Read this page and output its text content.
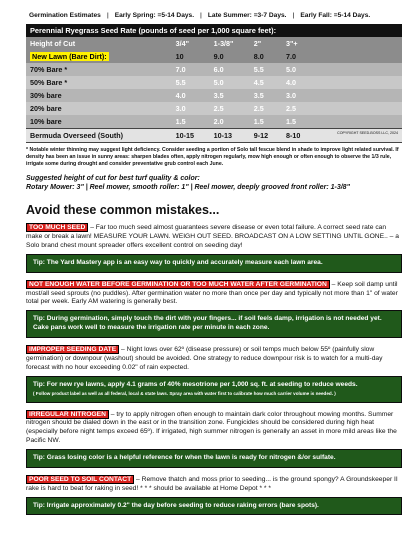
Germination Estimates | Early Spring: =5-14 Days. | Late Summer: =3-7 Days. | Early Fall: =5-14 Days.
Perennial Ryegrass Seed Rate (pounds of seed per 1,000 square feet):				
Height of Cut	3/4"	1-3/8"	2"	3"+
New Lawn (Bare Dirt):	10	9.0	8.0	7.0
70% Bare *	7.0	6.0	5.5	5.0
50% Bare *	5.5	5.0	4.5	4.0
30% bare	4.0	3.5	3.5	3.0
20% bare	3.0	2.5	2.5	2.5
10% bare	1.5	2.0	1.5	1.5
Bermuda Overseed (South)	10-15	10-13	9-12	8-10 COPYRIGHT SEED-BOSS LLC, 2024

* Notable winter thinning may suggest light deficiency. Consider seeding a portion of Solo tall fescue blend in shade to improve light related survival. If density has been an issue in sunny areas: sharpen blades often, apply nitrogen regularly, mow high enough or often enough to observe the 1/3 rule, irrigate some during drought and consider preventative grub control each June.

Suggested height of cut for best turf quality & color:
Rotary Mower: 3" | Reel mower, smooth roller: 1" | Reel mower, deeply grooved front roller: 1-3/8"
Avoid these common mistakes...

TOO MUCH SEED – Far too much seed almost guarantees severe disease or even total failure. A correct seed rate can make or break a lawn! MEASURE YOUR LAWN. WEIGH OUT SEED. BROADCAST ON A LOW SETTING UNTIL GONE.. – a Solo brand chest mount spreader offers excellent control on seeding day!

Tip: The Yard Mastery app is an easy way to quickly and accurately measure each lawn area.

NOT ENOUGH WATER BEFORE GERMINATION OR TOO MUCH WATER AFTER GERMINATION – Keep soil damp until most/all seed sprouts (no puddles). After germination water no more than once per day and typically not more than 1" of water total per week. Early AM watering is generally best.

Tip: During germination, simply touch the dirt with your fingers... if soil feels damp, irrigation is not needed yet. Cake pans work well to measure the irrigation rate per minute in each zone.

IMPROPER SEEDING DATE – Night lows over 62º (disease pressure) or soil temps much below 55º (painfully slow germination) or downpour (washout) should be avoided. One strategy to reduce downpour risk is to watch for a multi-day forecast with no hour exceeding 0.02" of rain expected.

Tip: For new rye lawns, apply 4.1 grams of 40% mesotrione per 1,000 sq. ft. at seeding to reduce weeds.
( Follow product label as well as all federal, local & state laws. Spray area with water first to calibrate how much carrier volume is needed. )

IRREGULAR NITROGEN – try to apply nitrogen often enough to maintain dark color throughout mowing months. Summer nitrogen should be dialed down in the east or in the transition zone. Fungicides should be considered during high heat (especially before night temps exceed 65º). If irrigated, high summer nitrogen is generally an asset in more mild areas like the Pacific NW.

Tip: Grass losing color is a helpful reference for when the lawn is ready for nitrogen &/or sulfate.

POOR SEED TO SOIL CONTACT – Remove thatch and moss prior to seeding... is the ground spongy? A Groundskeeper II rake is hard to beat for raking in seed! * * * should be available at Home Depot * * *

Tip: Irrigate approximately 0.2" the day before seeding to reduce raking errors (bare spots).
